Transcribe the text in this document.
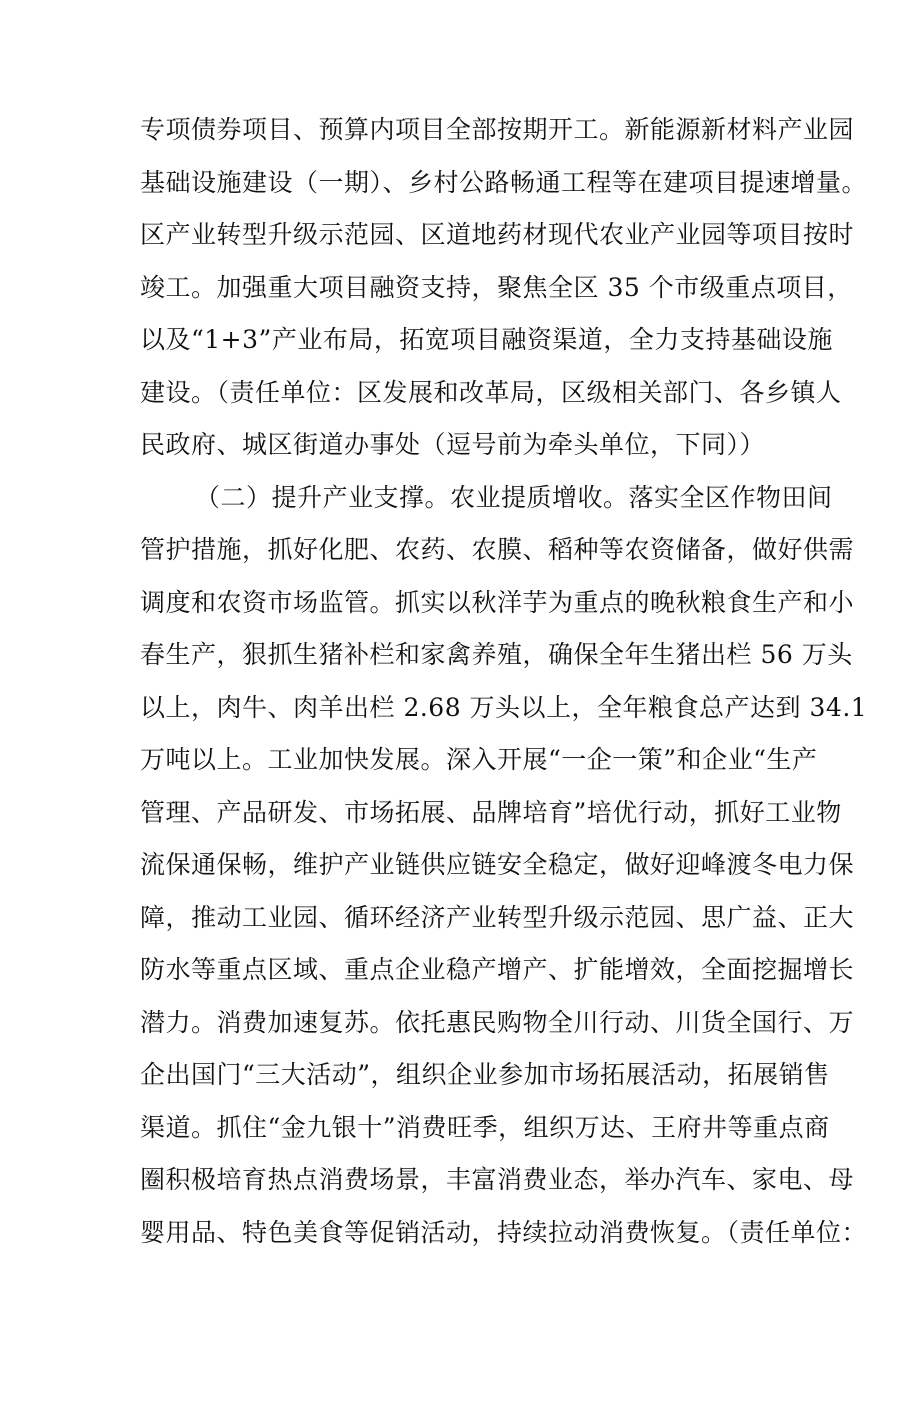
专项债券项目、预算内项目全部按期开工。新能源新材料产业园
基础设施建设（一期）、乡村公路畅通工程等在建项目提速增量。
区产业转型升级示范园、区道地药材现代农业产业园等项目按时
竣工。加强重大项目融资支持，聚焦全区 35 个市级重点项目，
以及“1+3”产业布局，拓宽项目融资渠道，全力支持基础设施
建设。（责任单位：区发展和改革局，区级相关部门、各乡镇人
民政府、城区街道办事处（逗号前为牵头单位，下同））
（二）提升产业支撑。农业提质增收。落实全区作物田间
管护措施，抓好化肥、农药、农膜、稻种等农资储备，做好供需
调度和农资市场监管。抓实以秋洋芋为重点的晚秋粮食生产和小
春生产，狠抓生猪补栏和家禽养殖，确保全年生猪出栏 56 万头
以上，肉牛、肉羊出栏 2.68 万头以上，全年粮食总产达到 34.1
万吨以上。工业加快发展。深入开展“一企一策”和企业“生产
管理、产品研发、市场拓展、品牌培育”培优行动，抓好工业物
流保通保畅，维护产业链供应链安全稳定，做好迎峰渡冬电力保
障，推动工业园、循环经济产业转型升级示范园、思广益、正大
防水等重点区域、重点企业稳产增产、扩能增效，全面挖掘增长
潜力。消费加速复苏。依托惠民购物全川行动、川货全国行、万
企出国门“三大活动”，组织企业参加市场拓展活动，拓展销售
渠道。抓住“金九银十”消费旺季，组织万达、王府井等重点商
圈积极培育热点消费场景，丰富消费业态，举办汽车、家电、母
婴用品、特色美食等促销活动，持续拉动消费恢复。（责任单位：
